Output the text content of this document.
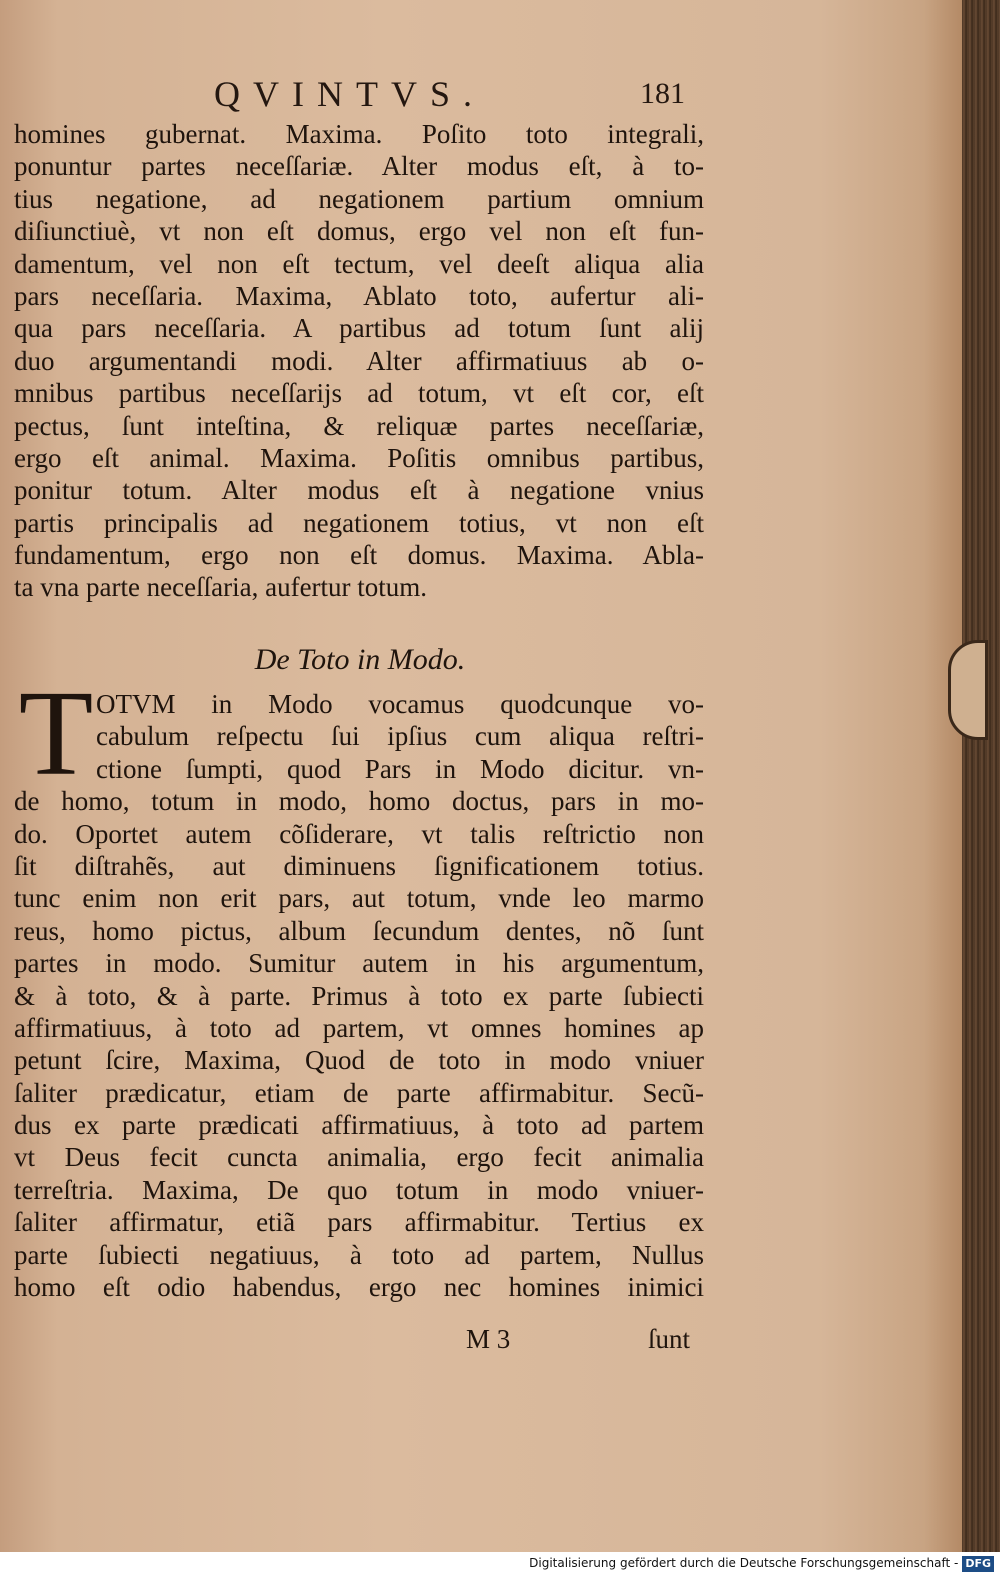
QVINTVS.	181
homines gubernat. Maxima. Poſito toto integrali,
ponuntur partes neceſſariæ. Alter modus eſt, à to-
tius negatione, ad negationem partium omnium
diſiunctiuè, vt non eſt domus, ergo vel non eſt fun-
damentum, vel non eſt tectum, vel deeſt aliqua alia
pars neceſſaria. Maxima, Ablato toto, aufertur ali-
qua pars neceſſaria. A partibus ad totum ſunt alij
duo argumentandi modi. Alter affirmatiuus ab o-
mnibus partibus neceſſarijs ad totum, vt eſt cor, eſt
pectus, ſunt inteſtina, & reliquæ partes neceſſariæ,
ergo eſt animal. Maxima. Poſitis omnibus partibus,
ponitur totum. Alter modus eſt à negatione vnius
partis principalis ad negationem totius, vt non eſt
fundamentum, ergo non eſt domus. Maxima. Abla-
ta vna parte neceſſaria, aufertur totum.
De Toto in Modo.
T OTVM in Modo vocamus quodcunque vo-
cabulum reſpectu ſui ipſius cum aliqua reſtri-
ctione ſumpti, quod Pars in Modo dicitur. vn-
de homo, totum in modo, homo doctus, pars in mo-
do. Oportet autem cõſiderare, vt talis reſtrictio non
ſit diſtrahẽs, aut diminuens ſignificationem totius.
tunc enim non erit pars, aut totum, vnde leo marmo
reus, homo pictus, album ſecundum dentes, nõ ſunt
partes in modo. Sumitur autem in his argumentum,
& à toto, & à parte. Primus à toto ex parte ſubiecti
affirmatiuus, à toto ad partem, vt omnes homines ap
petunt ſcire, Maxima, Quod de toto in modo vniuer
ſaliter prædicatur, etiam de parte affirmabitur. Secũ-
dus ex parte prædicati affirmatiuus, à toto ad partem
vt Deus fecit cuncta animalia, ergo fecit animalia
terreſtria. Maxima, De quo totum in modo vniuer-
ſaliter affirmatur, etiã pars affirmabitur. Tertius ex
parte ſubiecti negatiuus, à toto ad partem, Nullus
homo eſt odio habendus, ergo nec homines inimici
M 3	ſunt
Digitalisierung gefördert durch die Deutsche Forschungsgemeinschaft - DFG
